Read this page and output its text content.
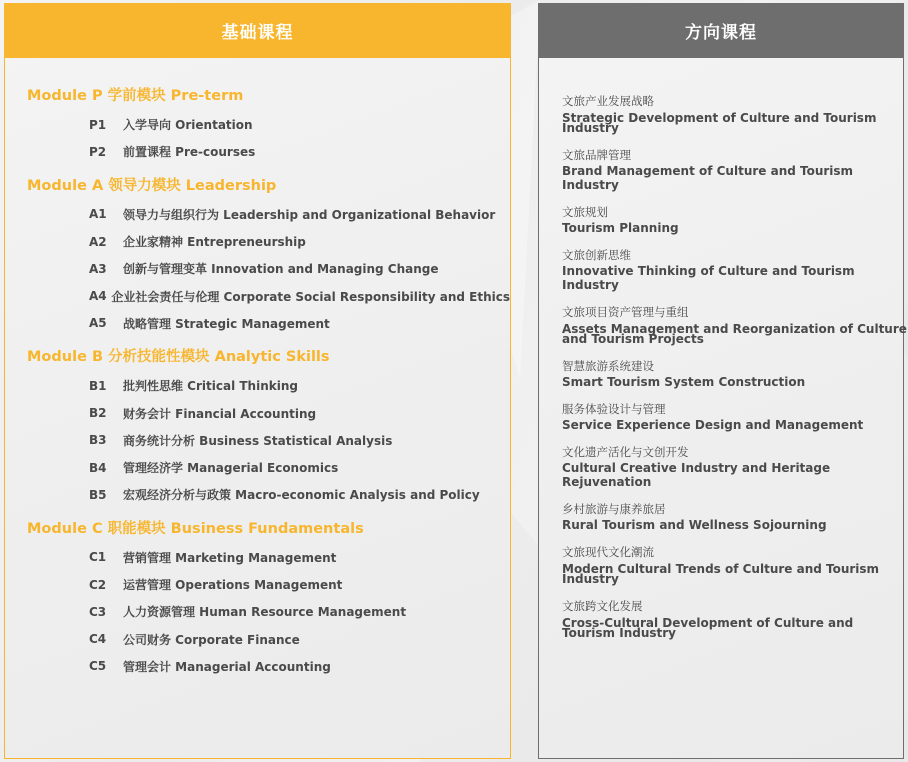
基础课程
Module P 学前模块 Pre-term
P1	入学导向 Orientation
P2	前置课程 Pre-courses
Module A 领导力模块 Leadership
A1	领导力与组织行为 Leadership and Organizational Behavior
A2	企业家精神 Entrepreneurship
A3	创新与管理变革 Innovation and Managing Change
A4 企业社会责任与伦理 Corporate Social Responsibility and Ethics
A5	战略管理 Strategic Management
Module B 分析技能性模块 Analytic Skills
B1	批判性思维 Critical Thinking
B2	财务会计 Financial Accounting
B3	商务统计分析 Business Statistical Analysis
B4	管理经济学 Managerial Economics
B5	宏观经济分析与政策 Macro-economic Analysis and Policy
Module C 职能模块 Business Fundamentals
C1	营销管理 Marketing Management
C2	运营管理 Operations Management
C3	人力资源管理 Human Resource Management
C4	公司财务 Corporate Finance
C5	管理会计 Managerial Accounting
方向课程
文旅产业发展战略
Strategic Development of Culture and Tourism Industry
文旅品牌管理
Brand Management of Culture and Tourism Industry
文旅规划
Tourism Planning
文旅创新思维
Innovative Thinking of Culture and Tourism Industry
文旅项目资产管理与重组
Assets Management and Reorganization of Culture and Tourism Projects
智慧旅游系统建设
Smart Tourism System Construction
服务体验设计与管理
Service Experience Design and Management
文化遗产活化与文创开发
Cultural Creative Industry and Heritage Rejuvenation
乡村旅游与康养旅居
Rural Tourism and Wellness Sojourning
文旅现代文化潮流
Modern Cultural Trends of Culture and Tourism Industry
文旅跨文化发展
Cross-Cultural Development of Culture and Tourism Industry
